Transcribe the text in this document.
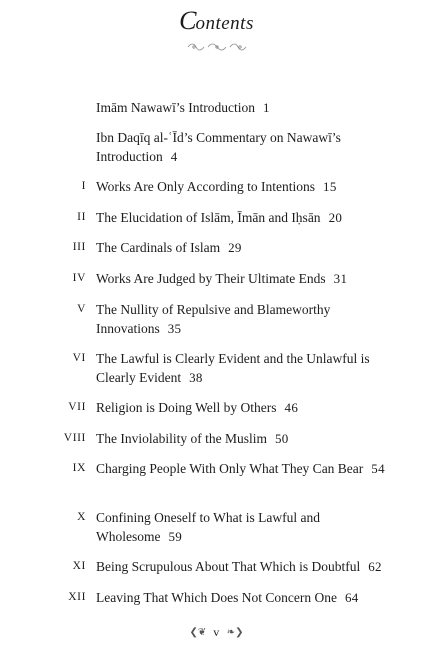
Contents
Imām Nawawī’s Introduction 1
Ibn Daqīq al-ʿĪd’s Commentary on Nawawī’s Introduction 4
I Works Are Only According to Intentions 15
II The Elucidation of Islām, Īmān and Iḥsān 20
III The Cardinals of Islam 29
IV Works Are Judged by Their Ultimate Ends 31
V The Nullity of Repulsive and Blameworthy Innovations 35
VI The Lawful is Clearly Evident and the Unlawful is Clearly Evident 38
VII Religion is Doing Well by Others 46
VIII The Inviolability of the Muslim 50
IX Charging People With Only What They Can Bear 54
X Confining Oneself to What is Lawful and Wholesome 59
XI Being Scrupulous About That Which is Doubtful 62
XII Leaving That Which Does Not Concern One 64
❮❦ v ❧❯
